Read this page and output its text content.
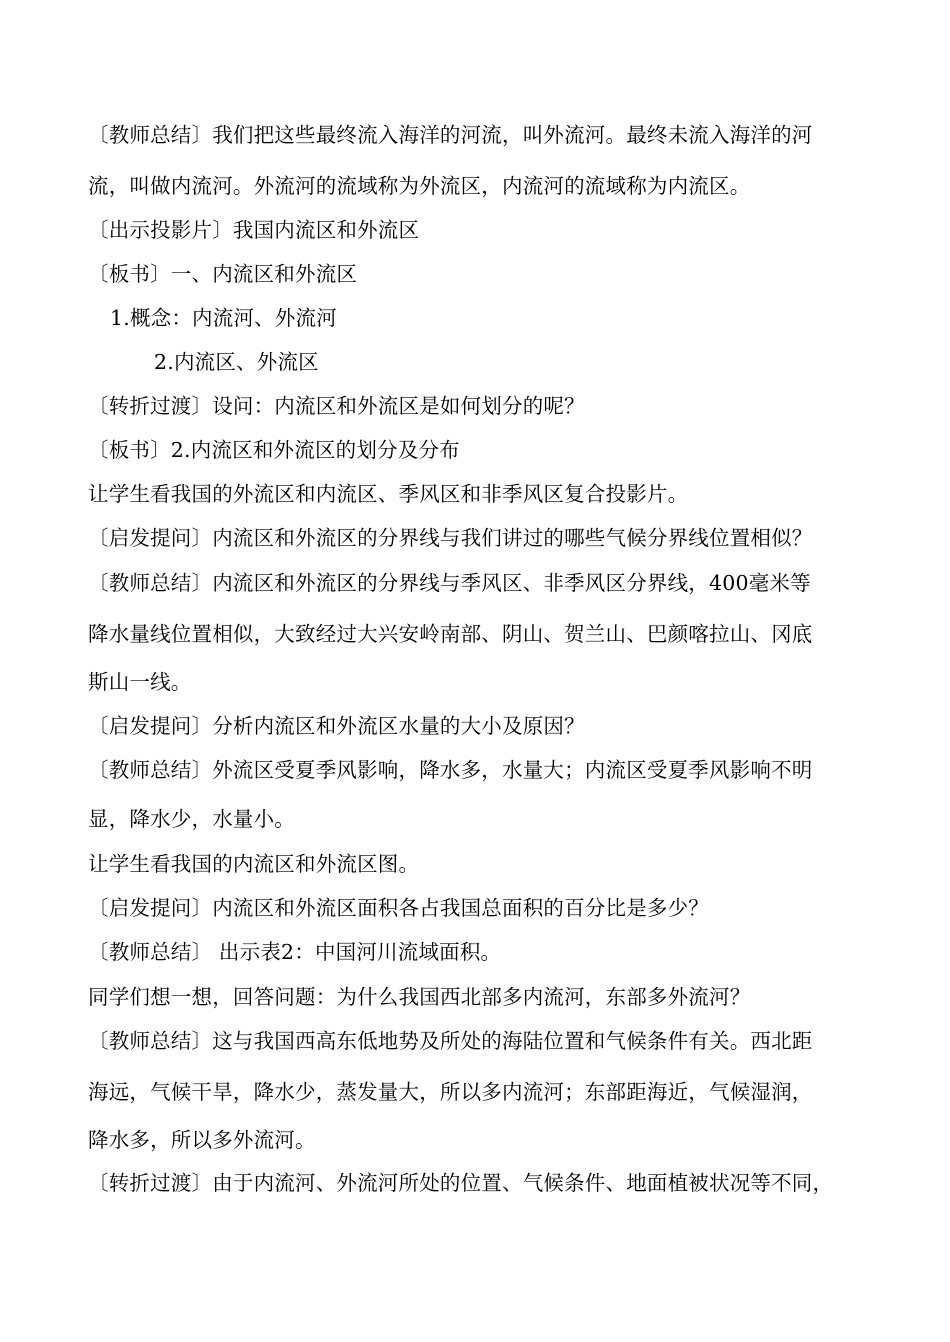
〔教师总结〕我们把这些最终流入海洋的河流，叫外流河。最终未流入海洋的河
流，叫做内流河。外流河的流域称为外流区，内流河的流域称为内流区。
〔出示投影片〕我国内流区和外流区
〔板书〕一、内流区和外流区
1.概念：内流河、外流河
2.内流区、外流区
〔转折过渡〕设问：内流区和外流区是如何划分的呢？
〔板书〕2.内流区和外流区的划分及分布
让学生看我国的外流区和内流区、季风区和非季风区复合投影片。
〔启发提问〕内流区和外流区的分界线与我们讲过的哪些气候分界线位置相似？
〔教师总结〕内流区和外流区的分界线与季风区、非季风区分界线，400毫米等
降水量线位置相似，大致经过大兴安岭南部、阴山、贺兰山、巴颜喀拉山、冈底
斯山一线。
〔启发提问〕分析内流区和外流区水量的大小及原因？
〔教师总结〕外流区受夏季风影响，降水多，水量大；内流区受夏季风影响不明
显，降水少，水量小。
让学生看我国的内流区和外流区图。
〔启发提问〕内流区和外流区面积各占我国总面积的百分比是多少？
〔教师总结〕 出示表2：中国河川流域面积。
同学们想一想，回答问题：为什么我国西北部多内流河，东部多外流河？
〔教师总结〕这与我国西高东低地势及所处的海陆位置和气候条件有关。西北距
海远，气候干旱，降水少，蒸发量大，所以多内流河；东部距海近，气候湿润，
降水多，所以多外流河。
〔转折过渡〕由于内流河、外流河所处的位置、气候条件、地面植被状况等不同，
